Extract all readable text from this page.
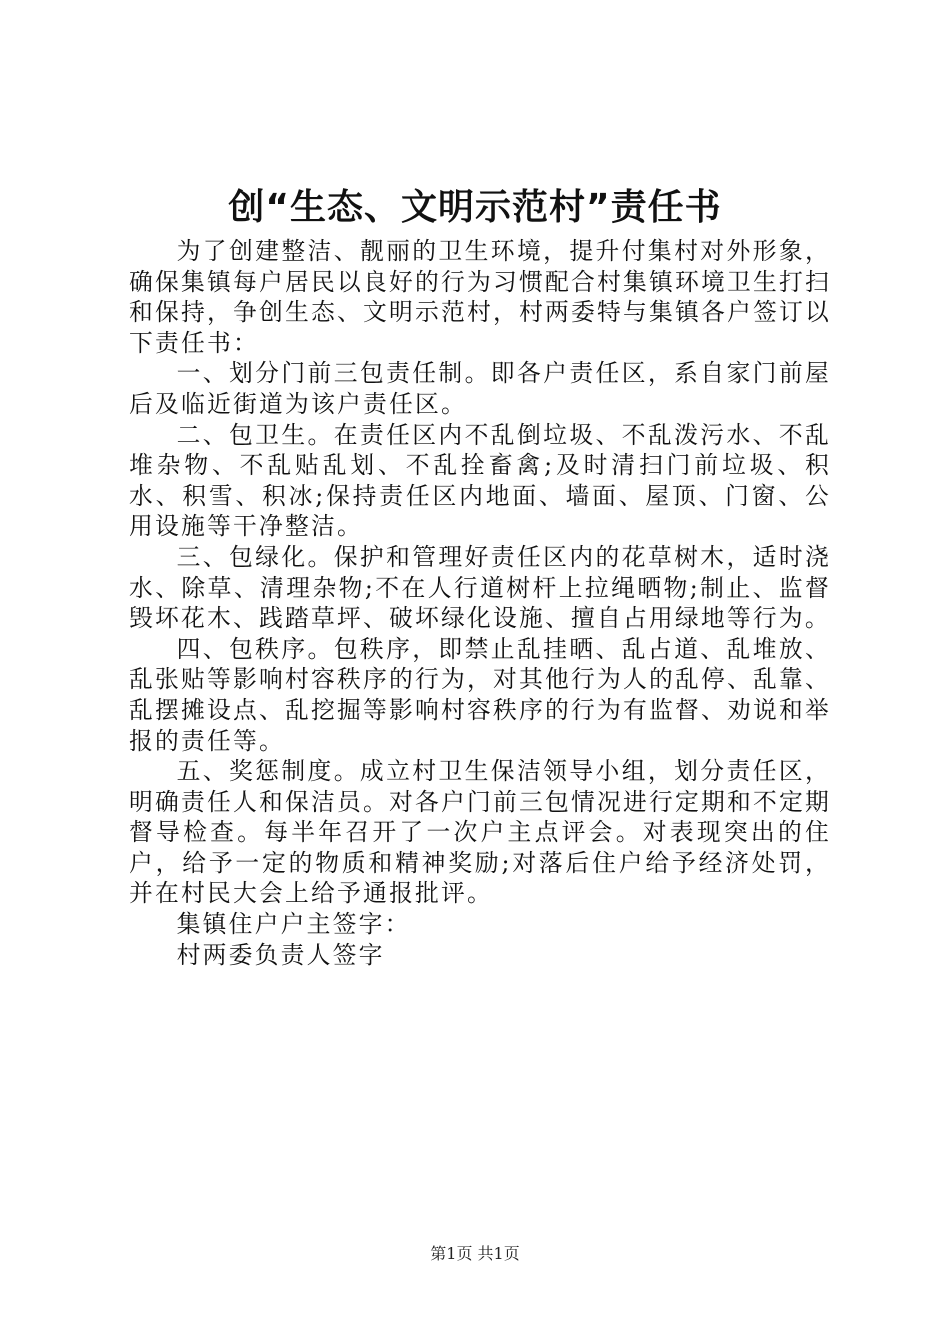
创“生态、文明示范村”责任书

为了创建整洁、靓丽的卫生环境，提升付集村对外形象，确保集镇每户居民以良好的行为习惯配合村集镇环境卫生打扫和保持，争创生态、文明示范村，村两委特与集镇各户签订以下责任书：

一、划分门前三包责任制。即各户责任区，系自家门前屋后及临近街道为该户责任区。

二、包卫生。在责任区内不乱倒垃圾、不乱泼污水、不乱堆杂物、不乱贴乱划、不乱拴畜禽;及时清扫门前垃圾、积水、积雪、积冰;保持责任区内地面、墙面、屋顶、门窗、公用设施等干净整洁。

三、包绿化。保护和管理好责任区内的花草树木，适时浇水、除草、清理杂物;不在人行道树杆上拉绳晒物;制止、监督毁坏花木、践踏草坪、破坏绿化设施、擅自占用绿地等行为。

四、包秩序。包秩序，即禁止乱挂晒、乱占道、乱堆放、乱张贴等影响村容秩序的行为，对其他行为人的乱停、乱靠、乱摆摊设点、乱挖掘等影响村容秩序的行为有监督、劝说和举报的责任等。

五、奖惩制度。成立村卫生保洁领导小组，划分责任区，明确责任人和保洁员。对各户门前三包情况进行定期和不定期督导检查。每半年召开了一次户主点评会。对表现突出的住户，给予一定的物质和精神奖励;对落后住户给予经济处罚，并在村民大会上给予通报批评。

集镇住户户主签字：

村两委负责人签字

第1页 共1页
